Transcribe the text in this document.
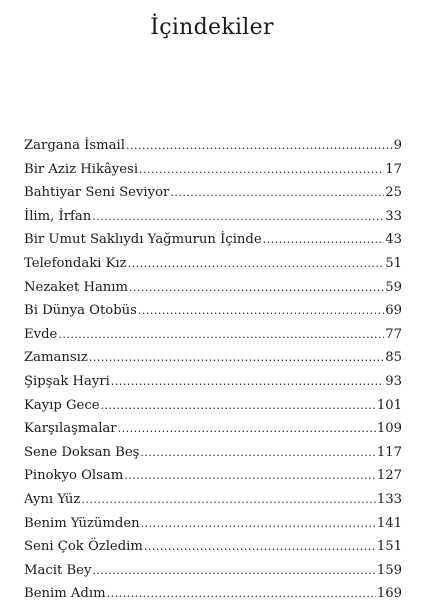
İçindekiler
Zargana İsmail .....	9
Bir Aziz Hikâyesi .....	17
Bahtiyar Seni Seviyor .....	25
İlim, İrfan .....	33
Bir Umut Saklıydı Yağmurun İçinde .....	43
Telefondaki Kız .....	51
Nezaket Hanım .....	59
Bi Dünya Otobüs .....	69
Evde .....	77
Zamansız .....	85
Şipşak Hayri .....	93
Kayıp Gece .....	101
Karşılaşmalar .....	109
Sene Doksan Beş .....	117
Pinokyo Olsam .....	127
Aynı Yüz .....	133
Benim Yüzümden .....	141
Seni Çok Özledim .....	151
Macit Bey .....	159
Benim Adım .....	169
